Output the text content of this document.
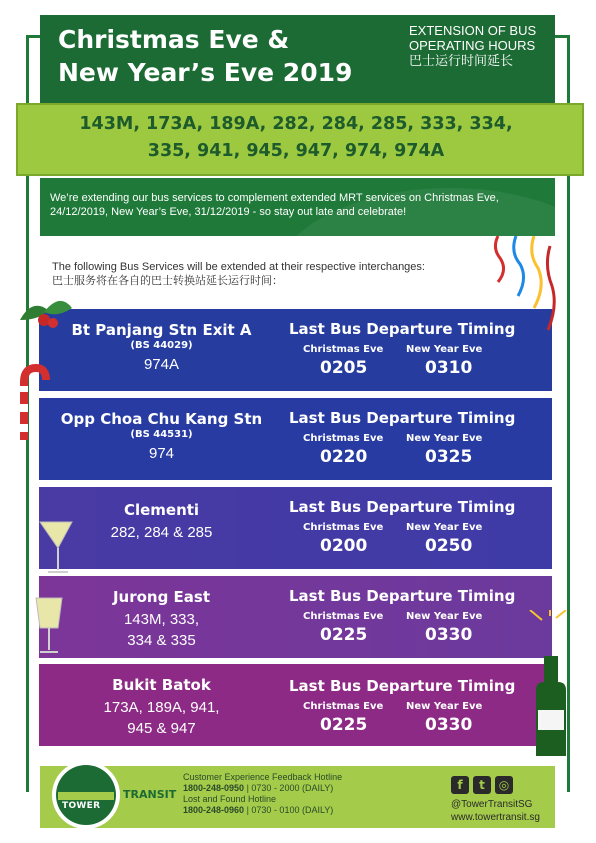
Christmas Eve &
New Year’s Eve 2019
EXTENSION OF BUS
OPERATING HOURS
巴士运行时间延长
143M, 173A, 189A, 282, 284, 285, 333, 334,
335, 941, 945, 947, 974, 974A
We’re extending our bus services to complement extended MRT services on Christmas Eve, 24/12/2019, New Year’s Eve, 31/12/2019 - so stay out late and celebrate!
The following Bus Services will be extended at their respective interchanges:
巴士服务将在各自的巴士转换站延长运行时间：
Bt Panjang Stn Exit A
(BS 44029)
974A
Last Bus Departure Timing
Christmas Eve New Year Eve
0205	0310
Opp Choa Chu Kang Stn
(BS 44531)
974
Last Bus Departure Timing
Christmas Eve New Year Eve
0220	0325
Clementi
282, 284 & 285
Last Bus Departure Timing
Christmas Eve New Year Eve
0200	0250
Jurong East
143M, 333,
334 & 335
Last Bus Departure Timing
Christmas Eve New Year Eve
0225	0330
Bukit Batok
173A, 189A, 941,
945 & 947
Last Bus Departure Timing
Christmas Eve New Year Eve
0225	0330
TOWER
TRANSIT
Customer Experience Feedback Hotline
1800-248-0950 | 0730 - 2000 (DAILY)
Lost and Found Hotline
1800-248-0960 | 0730 - 0100 (DAILY)
f t ◎
@TowerTransitSG
www.towertransit.sg
